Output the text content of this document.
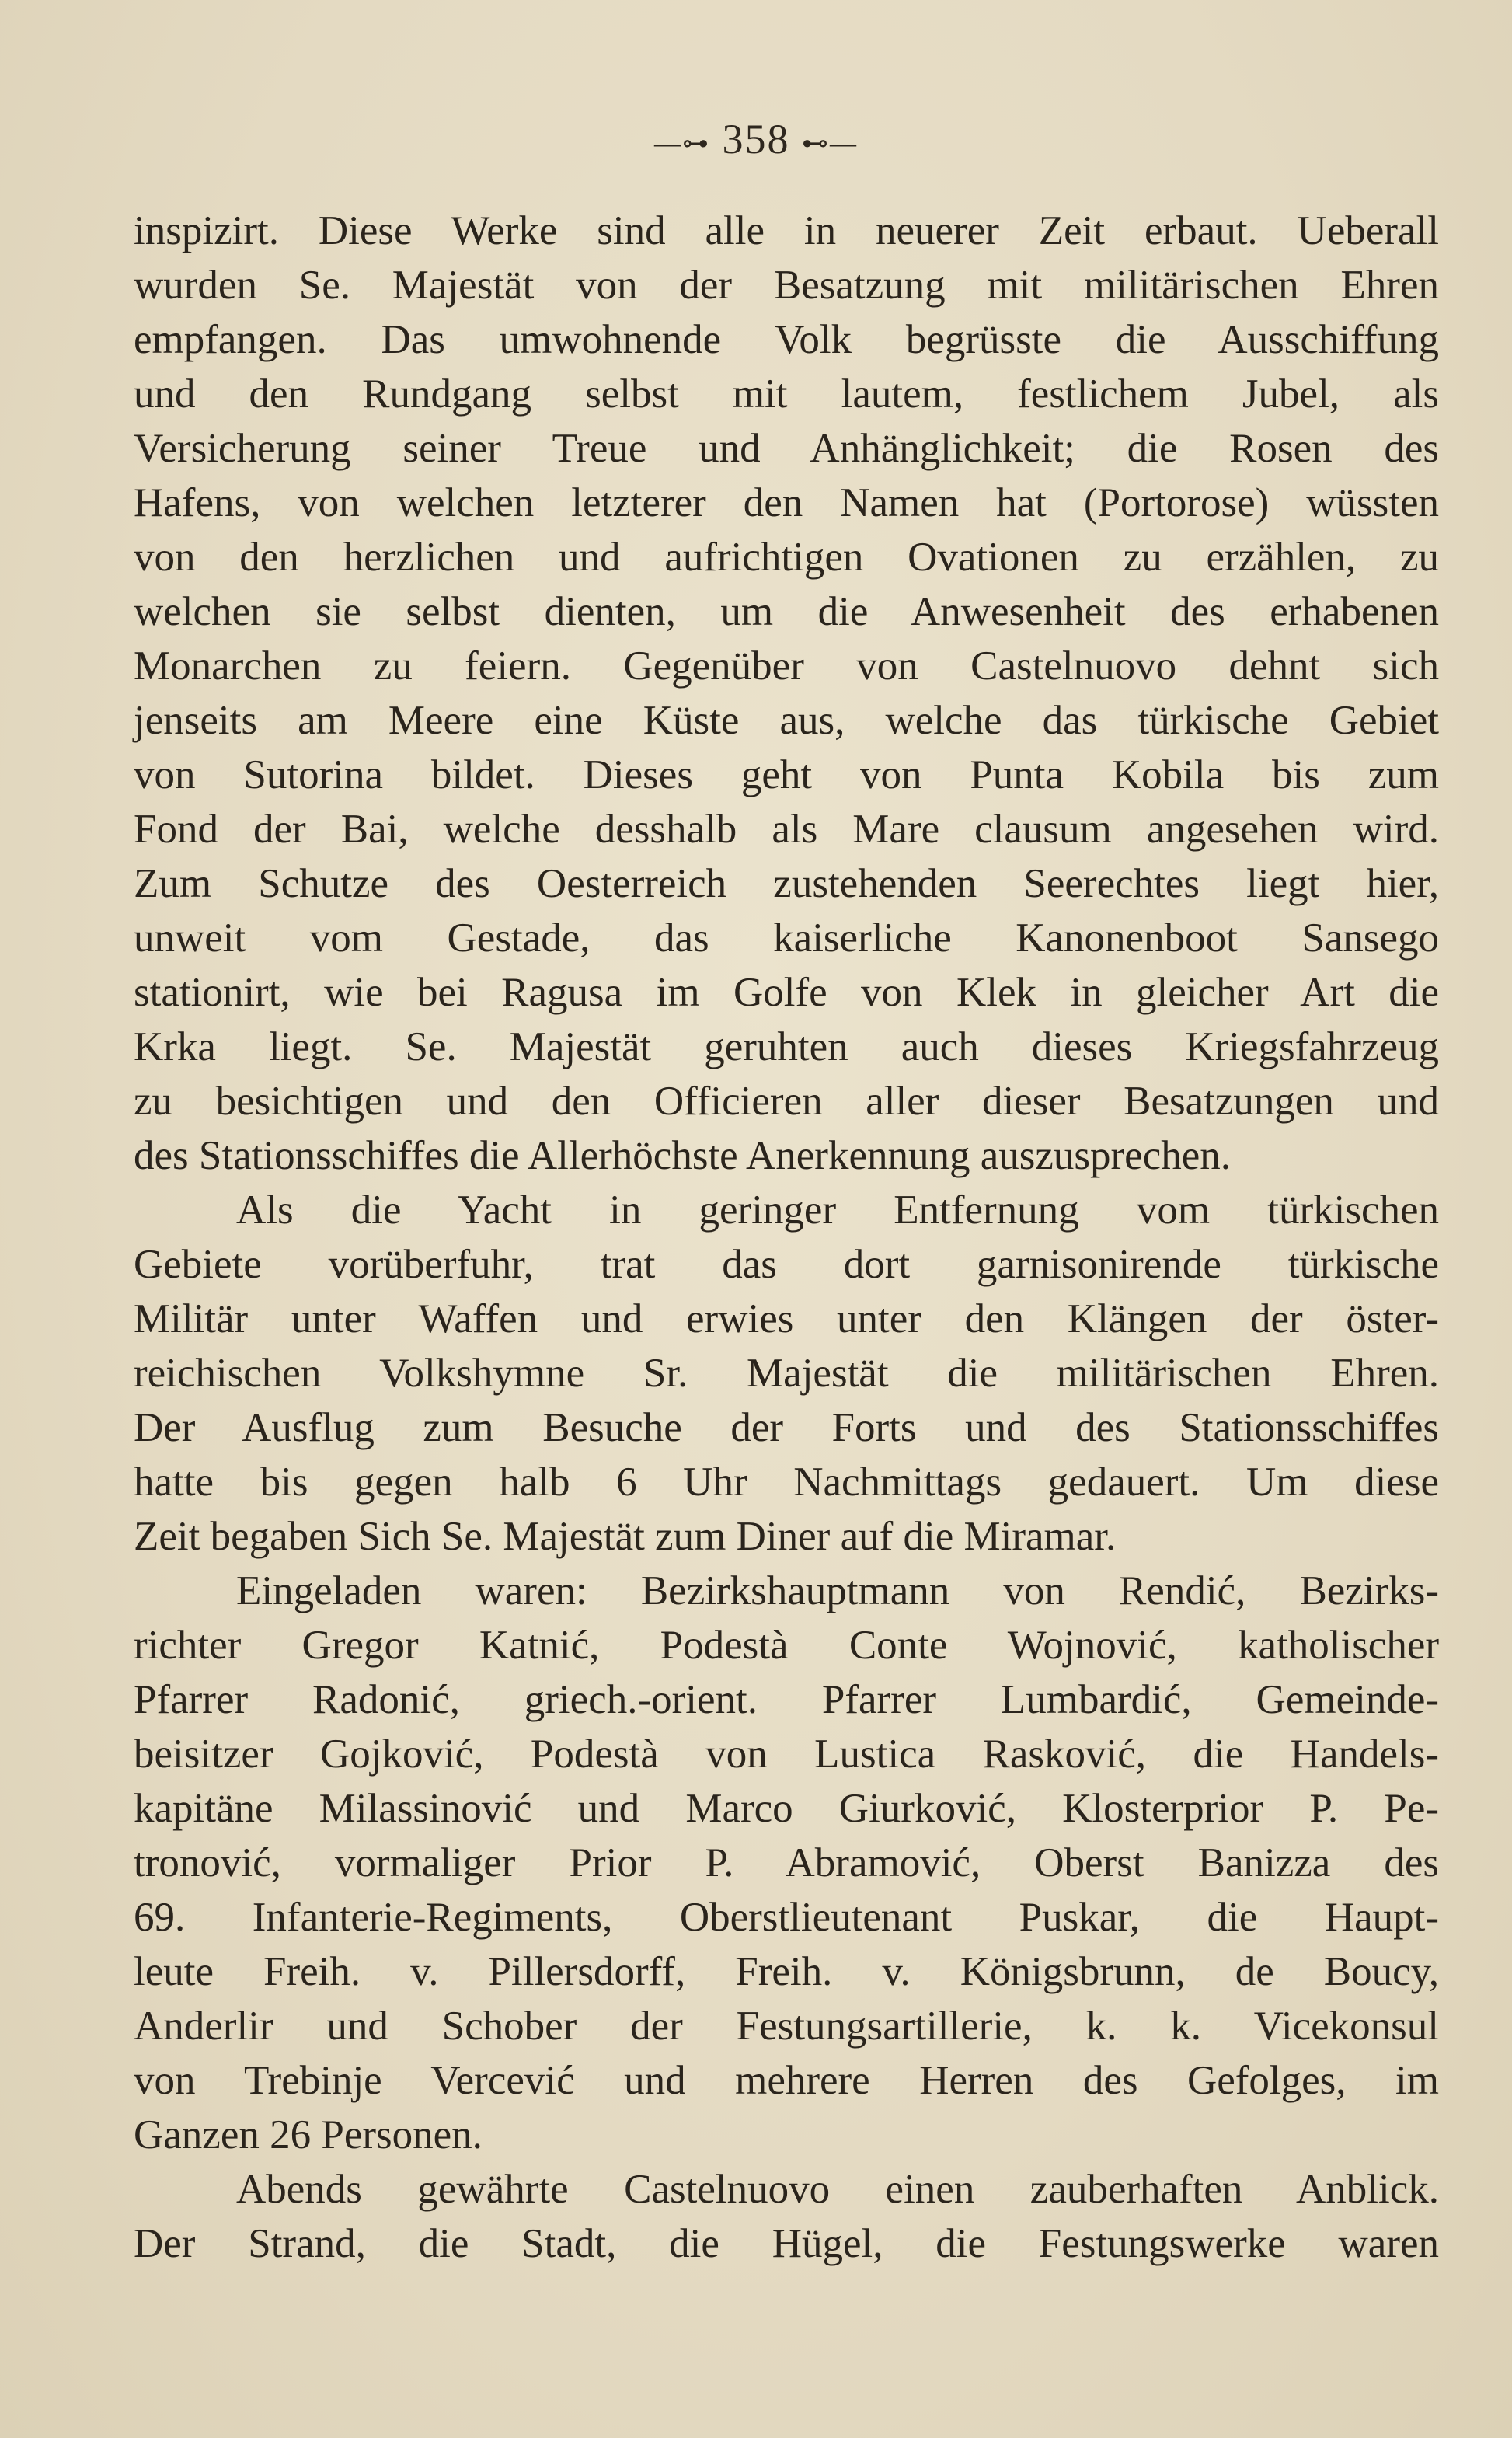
—⊶ 358 ⊷—
inspizirt. Diese Werke sind alle in neuerer Zeit erbaut. Ueberall
wurden Se. Majestät von der Besatzung mit militärischen Ehren
empfangen. Das umwohnende Volk begrüsste die Ausschiffung
und den Rundgang selbst mit lautem, festlichem Jubel, als
Versicherung seiner Treue und Anhänglichkeit; die Rosen des
Hafens, von welchen letzterer den Namen hat (Portorose) wüssten
von den herzlichen und aufrichtigen Ovationen zu erzählen, zu
welchen sie selbst dienten, um die Anwesenheit des erhabenen
Monarchen zu feiern. Gegenüber von Castelnuovo dehnt sich
jenseits am Meere eine Küste aus, welche das türkische Gebiet
von Sutorina bildet. Dieses geht von Punta Kobila bis zum
Fond der Bai, welche desshalb als Mare clausum angesehen wird.
Zum Schutze des Oesterreich zustehenden Seerechtes liegt hier,
unweit vom Gestade, das kaiserliche Kanonenboot Sansego
stationirt, wie bei Ragusa im Golfe von Klek in gleicher Art die
Krka liegt. Se. Majestät geruhten auch dieses Kriegsfahrzeug
zu besichtigen und den Officieren aller dieser Besatzungen und
des Stationsschiffes die Allerhöchste Anerkennung auszusprechen.
Als die Yacht in geringer Entfernung vom türkischen
Gebiete vorüberfuhr, trat das dort garnisonirende türkische
Militär unter Waffen und erwies unter den Klängen der öster-
reichischen Volkshymne Sr. Majestät die militärischen Ehren.
Der Ausflug zum Besuche der Forts und des Stationsschiffes
hatte bis gegen halb 6 Uhr Nachmittags gedauert. Um diese
Zeit begaben Sich Se. Majestät zum Diner auf die Miramar.
Eingeladen waren: Bezirkshauptmann von Rendić, Bezirks-
richter Gregor Katnić, Podestà Conte Wojnović, katholischer
Pfarrer Radonić, griech.-orient. Pfarrer Lumbardić, Gemeinde-
beisitzer Gojković, Podestà von Lustica Rasković, die Handels-
kapitäne Milassinović und Marco Giurković, Klosterprior P. Pe-
tronović, vormaliger Prior P. Abramović, Oberst Banizza des
69. Infanterie-Regiments, Oberstlieutenant Puskar, die Haupt-
leute Freih. v. Pillersdorff, Freih. v. Königsbrunn, de Boucy,
Anderlir und Schober der Festungsartillerie, k. k. Vicekonsul
von Trebinje Vercević und mehrere Herren des Gefolges, im
Ganzen 26 Personen.
Abends gewährte Castelnuovo einen zauberhaften Anblick.
Der Strand, die Stadt, die Hügel, die Festungswerke waren
